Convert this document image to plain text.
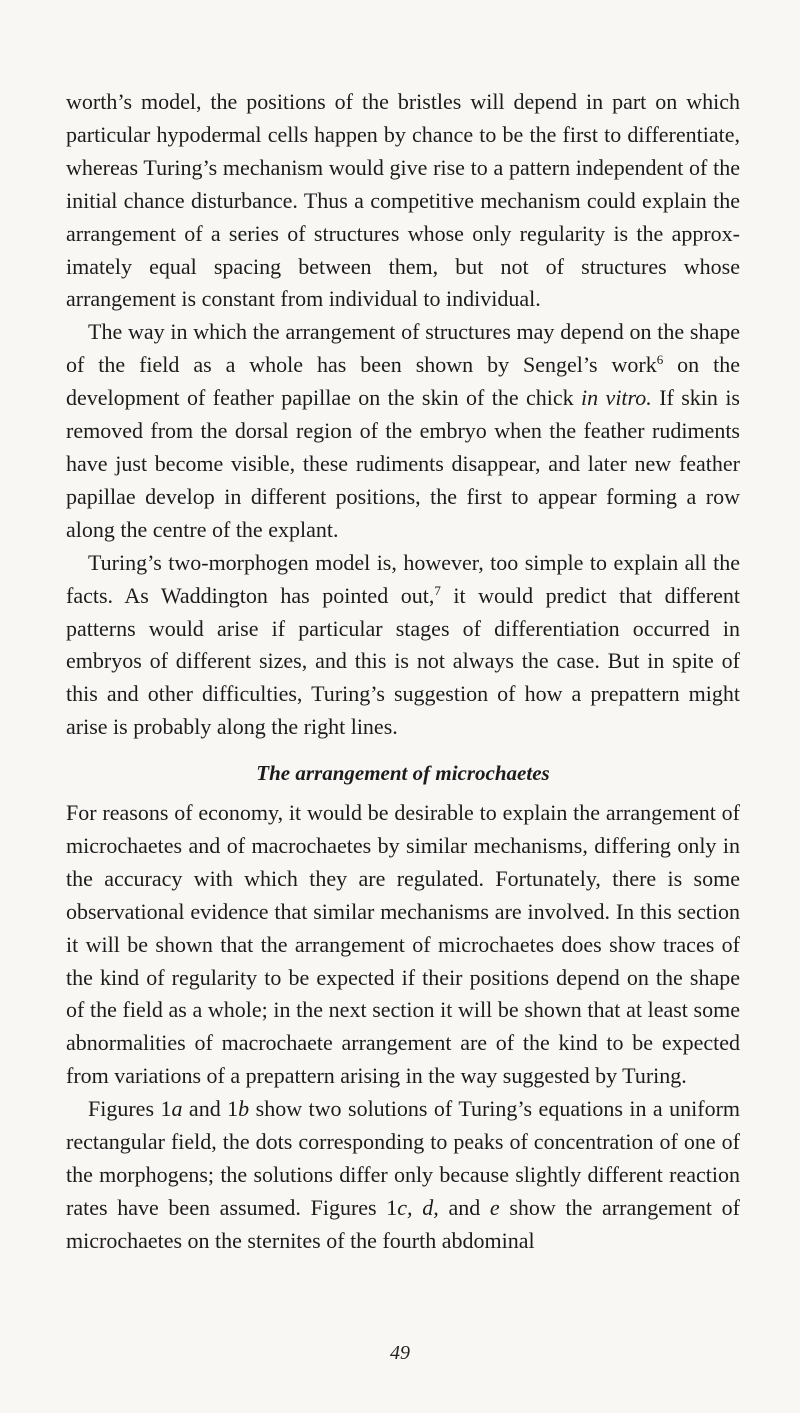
worth’s model, the positions of the bristles will depend in part on which particular hypodermal cells happen by chance to be the first to differentiate, whereas Turing’s mechanism would give rise to a pattern independent of the initial chance disturbance. Thus a competitive mechanism could explain the arrangement of a series of structures whose only regularity is the approximately equal spacing between them, but not of structures whose arrangement is constant from individual to individual.

The way in which the arrangement of structures may depend on the shape of the field as a whole has been shown by Sengel’s work$^6$ on the development of feather papillae on the skin of the chick in vitro. If skin is removed from the dorsal region of the embryo when the feather rudiments have just become visible, these rudiments disappear, and later new feather papillae develop in different positions, the first to appear forming a row along the centre of the explant.

Turing’s two-morphogen model is, however, too simple to explain all the facts. As Waddington has pointed out,$^7$ it would predict that different patterns would arise if particular stages of differentiation occurred in embryos of different sizes, and this is not always the case. But in spite of this and other difficulties, Turing’s suggestion of how a prepattern might arise is probably along the right lines.

The arrangement of microchaetes

For reasons of economy, it would be desirable to explain the arrangement of microchaetes and of macrochaetes by similar mechanisms, differing only in the accuracy with which they are regulated. Fortunately, there is some observational evidence that similar mechanisms are involved. In this section it will be shown that the arrangement of microchaetes does show traces of the kind of regularity to be expected if their positions depend on the shape of the field as a whole; in the next section it will be shown that at least some abnormalities of macrochaete arrangement are of the kind to be expected from variations of a prepattern arising in the way suggested by Turing.

Figures 1a and 1b show two solutions of Turing’s equations in a uniform rectangular field, the dots corresponding to peaks of concentration of one of the morphogens; the solutions differ only because slightly different reaction rates have been assumed. Figures 1c, d, and e show the arrangement of microchaetes on the sternites of the fourth abdominal

49
